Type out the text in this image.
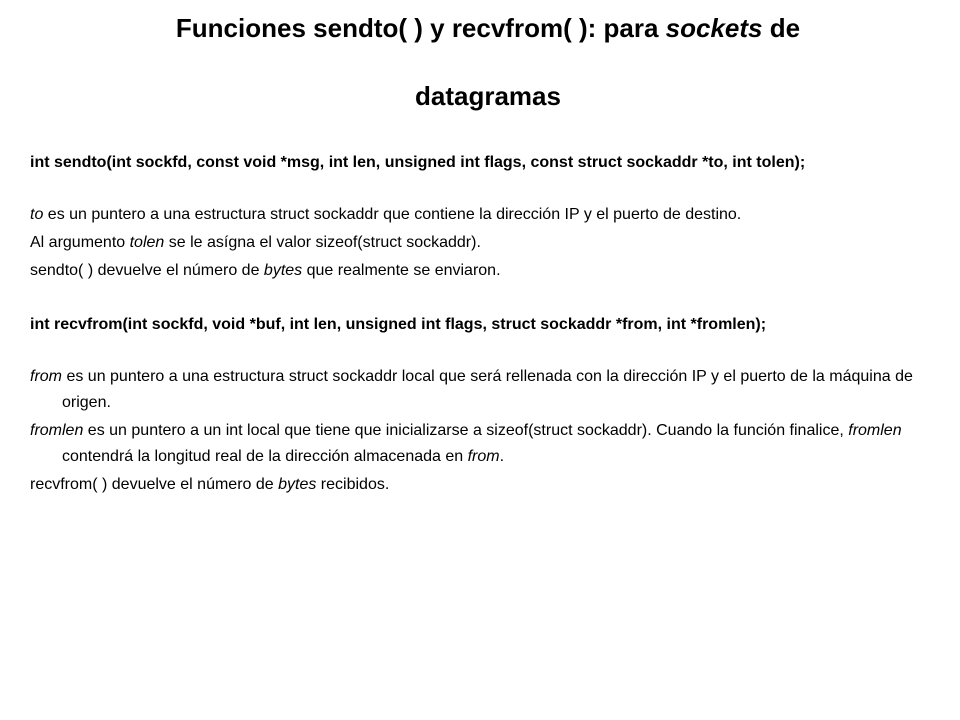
Funciones sendto( ) y recvfrom( ): para sockets de
datagramas

int sendto(int sockfd, const void *msg, int len, unsigned int flags, const struct sockaddr *to, int tolen);

to es un puntero a una estructura struct sockaddr que contiene la dirección IP y el puerto de destino.

Al argumento tolen se le asígna el valor sizeof(struct sockaddr).

sendto( ) devuelve el número de bytes que realmente se enviaron.

int recvfrom(int sockfd, void *buf, int len, unsigned int flags, struct sockaddr *from, int *fromlen);

from es un puntero a una estructura struct sockaddr local que será rellenada con la dirección IP y el puerto de la máquina de origen.

fromlen es un puntero a un int local que tiene que inicializarse a sizeof(struct sockaddr). Cuando la función finalice, fromlen contendrá la longitud real de la dirección almacenada en from.

recvfrom( ) devuelve el número de bytes recibidos.
